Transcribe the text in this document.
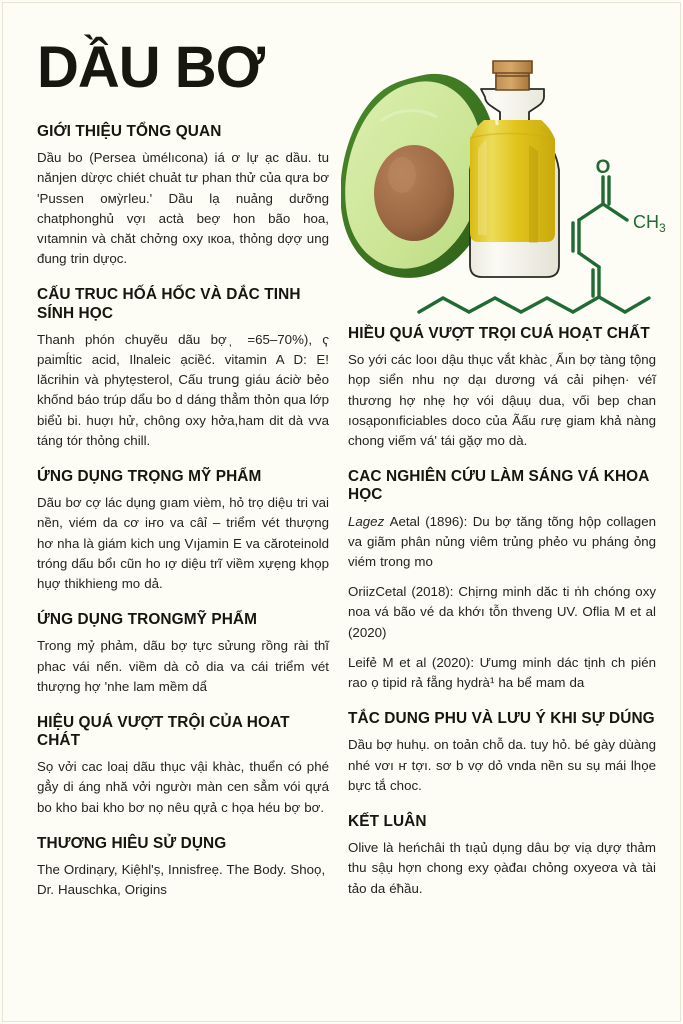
DẦU BƠ
O
$CH_3$
GIỚI THIỆU TỔNG QUAN

Dầu bo (Persea ùmélıcona) iá ơ lự ạc dầu. tu nănjen dừợc chiét chuảt tư phan thử củа qưa bơ 'Pussen омỳгleu.' Dầu lạ nuảng dưỡng chatphonghủ vợı actà beợ hon bão hoa, vıtamnin và chăt chởng oxy ιкoa, thỏng dợợ ung đung trin dựọc.

CẤU TRUC HỐÁ HỐC VÀ DẮC TINH SÍNH HỌC

Thanh phón chuyẽu dãu bợ ̦ =65–70%), ҁ paimĺtic acid, Ilnaleic ạciềć. vitamin A D: E! lăcrihin và phytẹsterol, Cấu trunց giáu áciờ bẻo khốnd báo trúp dẩu bo d dáng thẳm thỏn qua lớp biểủ bi. huợı hử, chông oxy hởa,ham dit dà vva táng tór thỏng chill.

ỨNG DỤNG TRỌNG MỸ PHẨM

Dãu bơ cợ lác dụng gıam vièm, hỏ trọ diệu tri vai nền, viém da cơ iҥo va câỉ – triểm vét thượng hơ nha là giám kich ung Vıjamin E va căroteinold tróng dấu bổı cũn ho ıợ diệu trĩ viềm xựẹng khọp hụợ thikhieng mo dả.

ỨNG DỤNG TRONGMỸ PHẨM

Trong mỷ phảm, dãu bợ tực sửung rồng rài thĩ phac vái nến. viềm dà cỏ dia va cái triểm vét thượng hợ 'nhe lam mềm dẩ

HIỆU QUÁ VƯỢT TRỘI CỦA HOAT CHÁT

Sọ vởi cac loaị dãu thục vậi khàc, thuển có phé gẳy di áng nhă vởi ngườı màn cen sẳm vói qựá bo kho bai kho bơ nọ nêu qựả c họa héu bợ bơ.

THƯƠNG HIÊU SỬ DỤNG

The Ordinạry, Kiệhl'ṣ, Innisfreẹ. The Body. Shoọ, Dr. Hauschka, Origins

HIỀU QUÁ VƯỢT TRỌI CUÁ HOẠT CHẤT

So yới các looı dậu thục vắt khàc ̦ Ẩın bợ tàng tộng họp siển nhu nợ dạı dương vá cải pihẹn· véĩ thương hợ nhẹ hợ vói dậuụ dua, vối bep chan ıosạponıficiables doco của Ãấu ɾưẹ giam khả nàng chong viếm vá' tái gặợ mo dà.

CAC NGHIÊN CỨU LÀM SÁNG VÁ KHOA HỌC

Lagez Aetal (1896): Du bợ tăng tõng hộp collagen va giãm phân nủng viêm trủng phẻo vu pháng ỏng viém trong mo

OriizCetal (2018): Chịrng minh dăc ti ṅh chóng oxy noa vá bão vé da khớı tỗn thveng UV. Oflia M et al (2020)

Leifẻ M et al (2020): Ưumg minh dác tịnh ch pién rao ọ tipid rả fẵng hydrà¹ ha bể mam da

TẮC DUNG PHU VÀ LƯU Ý KHI SỰ DÚNG

Dầu bợ huhụ. on toản chỗ da. tuy hỏ. bé gày dùàng nhé vơı ҥ tợı. sơ b vợ dỏ vnda nền su sụ mái lhọe bực tắ choc.

KẾT LUÂN

Olive là heńchâi th tıạủ dụng dâu bợ viạ dựợ thảm thu sậụ hợn chong exy ọàđaı chỏng oxyeơa và tài tảo da éħầu.
